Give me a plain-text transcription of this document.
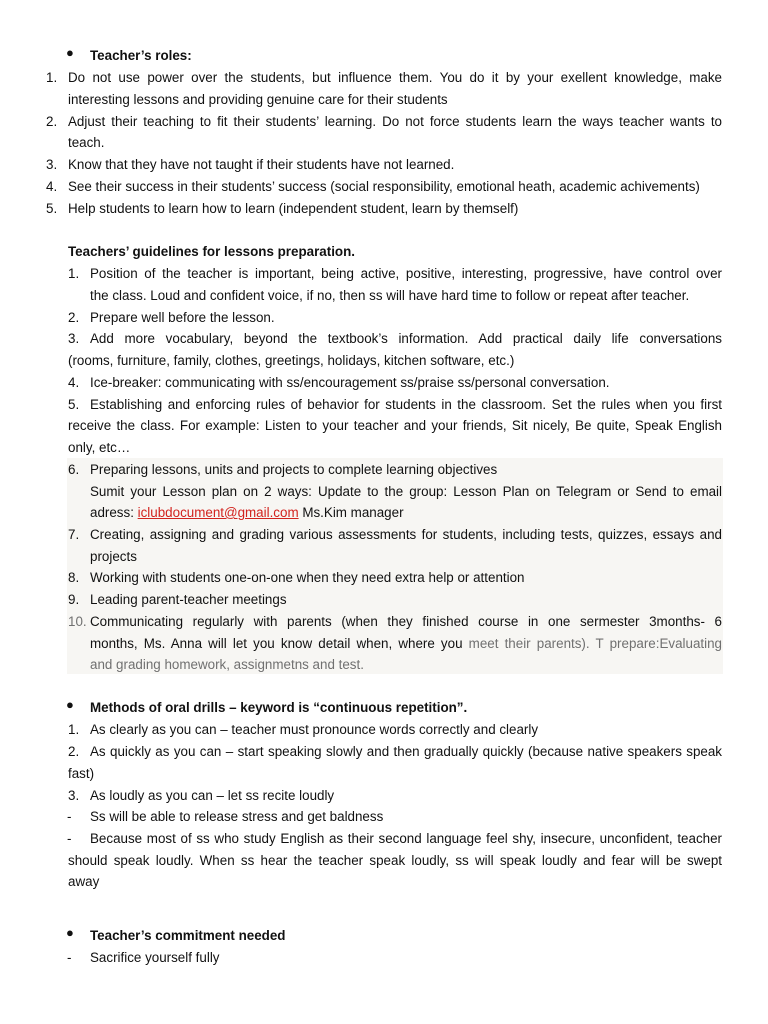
● Teacher’s roles:
1. Do not use power over the students, but influence them. You do it by your exellent knowledge, make
interesting lessons and providing genuine care for their students
2. Adjust their teaching to fit their students’ learning. Do not force students learn the ways teacher wants to
teach.
3. Know that they have not taught if their students have not learned.
4. See their success in their students’ success (social responsibility, emotional heath, academic achivements)
5. Help students to learn how to learn (independent student, learn by themself)
Teachers’ guidelines for lessons preparation.
1. Position of the teacher is important, being active, positive, interesting, progressive, have control over
the class. Loud and confident voice, if no, then ss will have hard time to follow or repeat after teacher.
2. Prepare well before the lesson.
3. Add more vocabulary, beyond the textbook’s information. Add practical daily life conversations
(rooms, furniture, family, clothes, greetings, holidays, kitchen software, etc.)
4. Ice-breaker: communicating with ss/encouragement ss/praise ss/personal conversation.
5. Establishing and enforcing rules of behavior for students in the classroom. Set the rules when you first
receive the class. For example: Listen to your teacher and your friends, Sit nicely, Be quite, Speak English
only, etc…
6. Preparing lessons, units and projects to complete learning objectives
Sumit your Lesson plan on 2 ways: Update to the group: Lesson Plan on Telegram or Send to email
adress: iclubdocument@gmail.com Ms.Kim manager
7. Creating, assigning and grading various assessments for students, including tests, quizzes, essays and
projects
8. Working with students one-on-one when they need extra help or attention
9. Leading parent-teacher meetings
10. Communicating regularly with parents (when they finished course in one sermester 3months- 6
months, Ms. Anna will let you know detail when, where you meet their parents). T prepare:Evaluating
and grading homework, assignmetns and test.
● Methods of oral drills – keyword is “continuous repetition”.
1. As clearly as you can – teacher must pronounce words correctly and clearly
2. As quickly as you can – start speaking slowly and then gradually quickly (because native speakers speak
fast)
3. As loudly as you can – let ss recite loudly
- Ss will be able to release stress and get baldness
- Because most of ss who study English as their second language feel shy, insecure, unconfident, teacher
should speak loudly. When ss hear the teacher speak loudly, ss will speak loudly and fear will be swept
away
● Teacher’s commitment needed
- Sacrifice yourself fully
